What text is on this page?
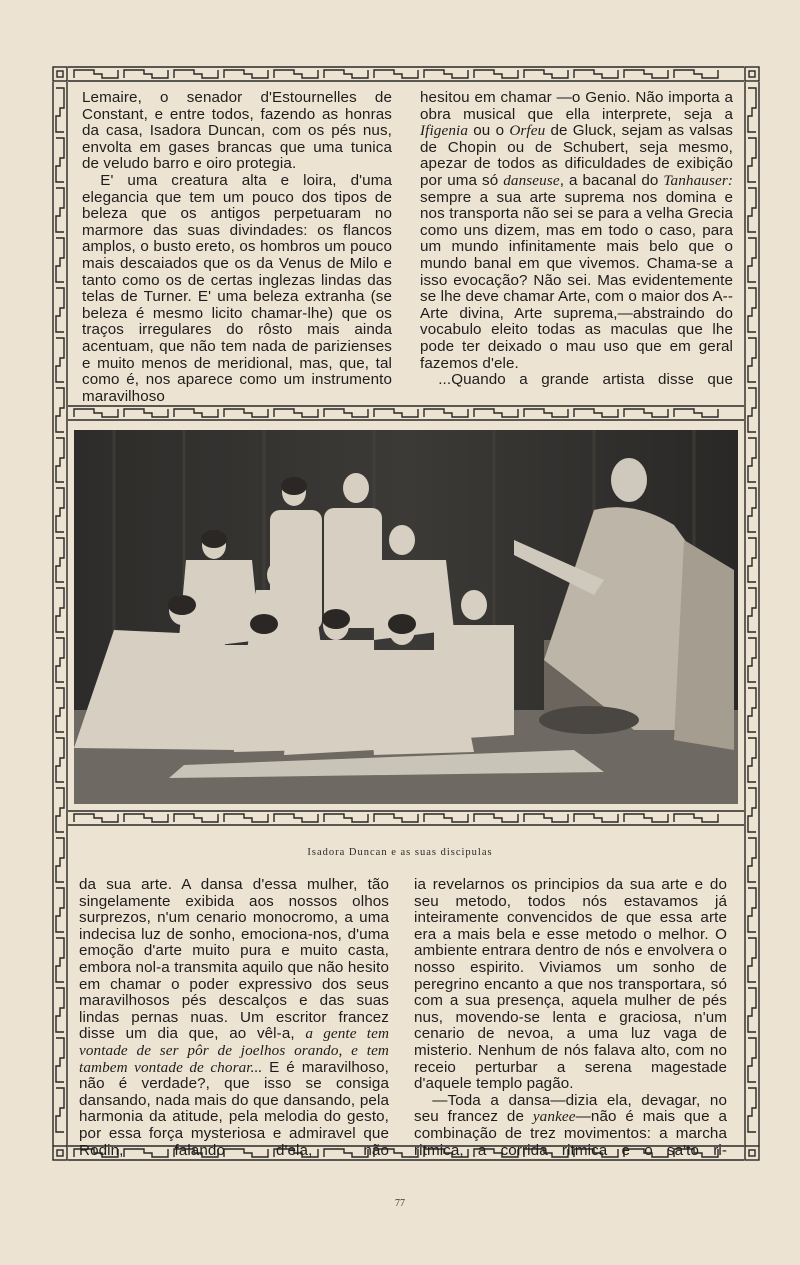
Lemaire, o senador d'Estournelles de Constant, e entre todos, fazendo as honras da casa, Isadora Duncan, com os pés nus, envolta em gases brancas que uma tunica de veludo barro e oiro protegia.

E' uma creatura alta e loira, d'uma elegancia que tem um pouco dos tipos de beleza que os antigos perpetuaram no marmore das suas divindades: os flancos amplos, o busto ereto, os hombros um pouco mais descaiados que os da Venus de Milo e tanto como os de certas inglezas lindas das telas de Turner. E' uma beleza extranha (se beleza é mesmo licito chamar-lhe) que os traços irregulares do rôsto mais ainda acentuam, que não tem nada de parizienses e muito menos de meridional, mas, que, tal como é, nos aparece como um instrumento maravilhoso

hesitou em chamar —o Genio. Não importa a obra musical que ella interprete, seja a Ifigenia ou o Orfeu de Gluck, sejam as valsas de Chopin ou de Schubert, seja mesmo, apezar de todos as dificuldades de exibição por uma só danseuse, a bacanal do Tanhauser: sempre a sua arte suprema nos domina e nos transporta não sei se para a velha Grecia como uns dizem, mas em todo o caso, para um mundo infinitamente mais belo que o mundo banal em que vivemos. Chama-se a isso evocação? Não sei. Mas evidentemente se lhe deve chamar Arte, com o maior dos A--Arte divina, Arte suprema,—abstraindo do vocabulo eleito todas as maculas que lhe pode ter deixado o mau uso que em geral fazemos d'ele.

...Quando a grande artista disse que

Isadora Duncan e as suas discipulas

da sua arte. A dansa d'essa mulher, tão singelamente exibida aos nossos olhos surprezos, n'um cenario monocromo, a uma indecisa luz de sonho, emociona-nos, d'uma emoção d'arte muito pura e muito casta, embora nol-a transmita aquilo que não hesito em chamar o poder expressivo dos seus maravilhosos pés descalços e das suas lindas pernas nuas. Um escritor francez disse um dia que, ao vêl-a, a gente tem vontade de ser pôr de joelhos orando, e tem tambem vontade de chorar... E é maravilhoso, não é verdade?, que isso se consiga dansando, nada mais do que dansando, pela harmonia da atitude, pela melodia do gesto, por essa força mysteriosa e admiravel que Rodin, falando d'ela, não

ia revelarnos os principios da sua arte e do seu metodo, todos nós estavamos já inteiramente convencidos de que essa arte era a mais bela e esse metodo o melhor. O ambiente entrara dentro de nós e envolvera o nosso espirito. Viviamos um sonho de peregrino encanto a que nos transportara, só com a sua presença, aquela mulher de pés nus, movendo-se lenta e graciosa, n'um cenario de nevoa, a uma luz vaga de misterio. Nenhum de nós falava alto, com no receio perturbar a serena magestade d'aquele templo pagão.

—Toda a dansa—dizia ela, devagar, no seu francez de yankee—não é mais que a combinação de trez movimentos: a marcha ritmica, a corrida ritmica e o sa'to ri-

77
